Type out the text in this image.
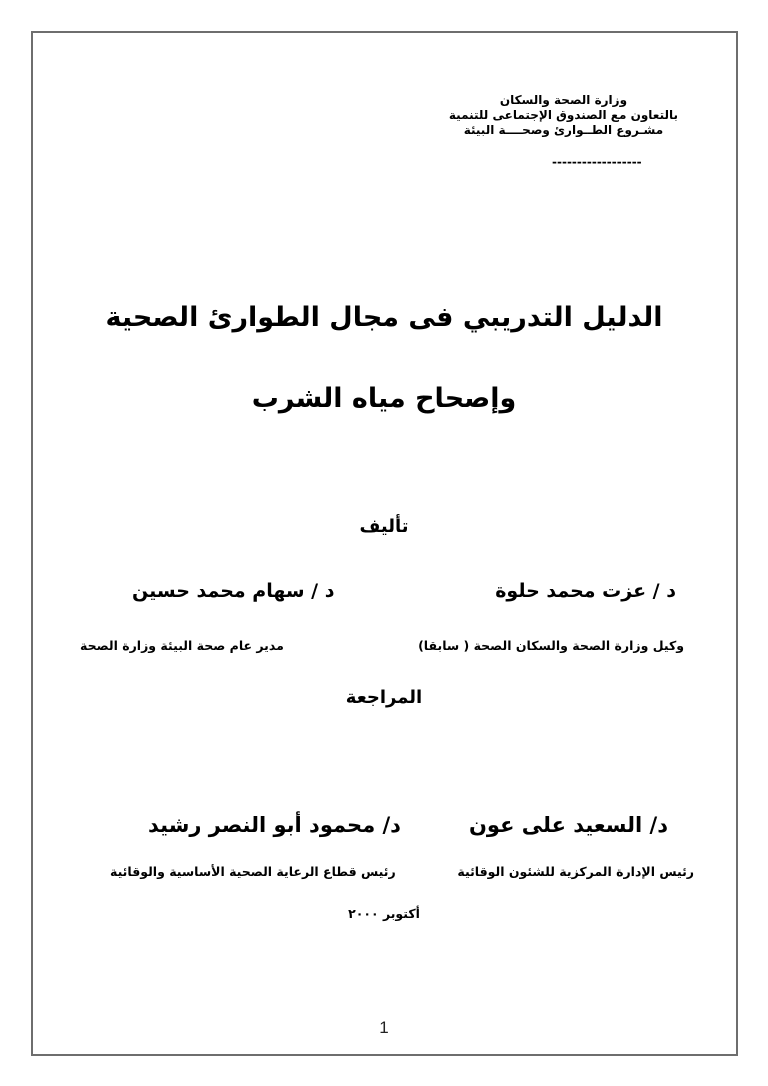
وزارة الصحة والسكان
بالتعاون مع الصندوق الإجتماعى للتنمية
مشـروع الطــوارئ وصحــــة البيئة
------------------
الدليل التدريبي فى مجال الطوارئ الصحية
وإصحاح مياه الشرب
تأليف
د / عزت محمد حلوة
د / سهام محمد حسين
وكيل وزارة الصحة والسكان الصحة ( سابقا)
مدير عام صحة البيئة وزارة الصحة
المراجعة
د/ السعيد على عون
د/ محمود أبو النصر رشيد
رئيس الإدارة المركزية للشئون الوقائية
رئيس قطاع الرعاية الصحية الأساسية والوقائية
أكتوبر ٢٠٠٠
1
